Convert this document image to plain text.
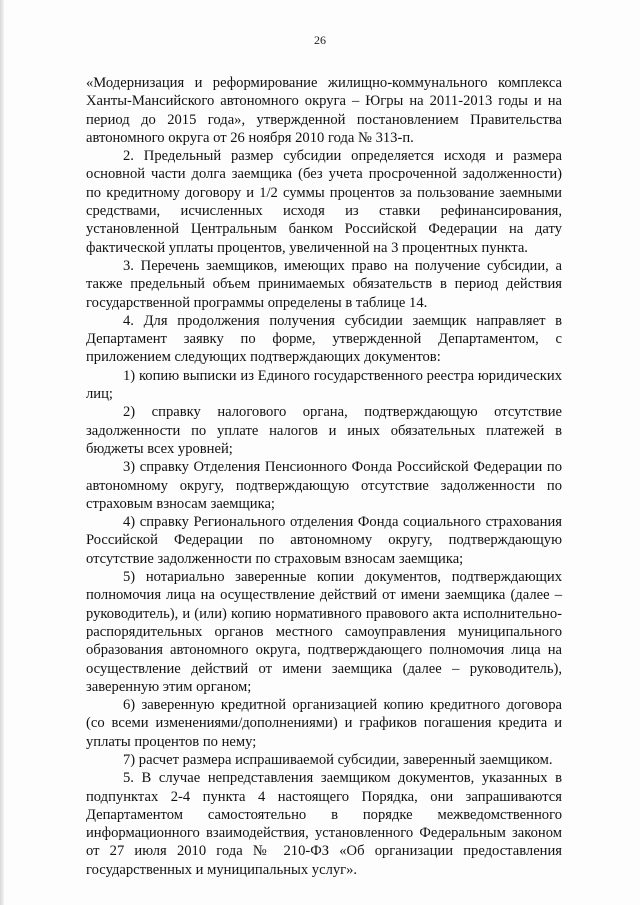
26

«Модернизация и реформирование жилищно-коммунального комплекса Ханты-Мансийского автономного округа – Югры на 2011-2013 годы и на период до 2015 года», утвержденной постановлением Правительства автономного округа от 26 ноября 2010 года № 313-п.

2. Предельный размер субсидии определяется исходя и размера основной части долга заемщика (без учета просроченной задолженности) по кредитному договору и 1/2 суммы процентов за пользование заемными средствами, исчисленных исходя из ставки рефинансирования, установленной Центральным банком Российской Федерации на дату фактической уплаты процентов, увеличенной на 3 процентных пункта.

3. Перечень заемщиков, имеющих право на получение субсидии, а также предельный объем принимаемых обязательств в период действия государственной программы определены в таблице 14.

4. Для продолжения получения субсидии заемщик направляет в Департамент заявку по форме, утвержденной Департаментом, с приложением следующих подтверждающих документов:

1) копию выписки из Единого государственного реестра юридических лиц;

2) справку налогового органа, подтверждающую отсутствие задолженности по уплате налогов и иных обязательных платежей в бюджеты всех уровней;

3) справку Отделения Пенсионного Фонда Российской Федерации по автономному округу, подтверждающую отсутствие задолженности по страховым взносам заемщика;

4) справку Регионального отделения Фонда социального страхования Российской Федерации по автономному округу, подтверждающую отсутствие задолженности по страховым взносам заемщика;

5) нотариально заверенные копии документов, подтверждающих полномочия лица на осуществление действий от имени заемщика (далее – руководитель), и (или) копию нормативного правового акта исполнительно-распорядительных органов местного самоуправления муниципального образования автономного округа, подтверждающего полномочия лица на осуществление действий от имени заемщика (далее – руководитель), заверенную этим органом;

6) заверенную кредитной организацией копию кредитного договора (со всеми изменениями/дополнениями) и графиков погашения кредита и уплаты процентов по нему;

7) расчет размера испрашиваемой субсидии, заверенный заемщиком.

5. В случае непредставления заемщиком документов, указанных в подпунктах 2-4 пункта 4 настоящего Порядка, они запрашиваются Департаментом самостоятельно в порядке межведомственного информационного взаимодействия, установленного Федеральным законом от 27 июля 2010 года № 210-ФЗ «Об организации предоставления государственных и муниципальных услуг».
